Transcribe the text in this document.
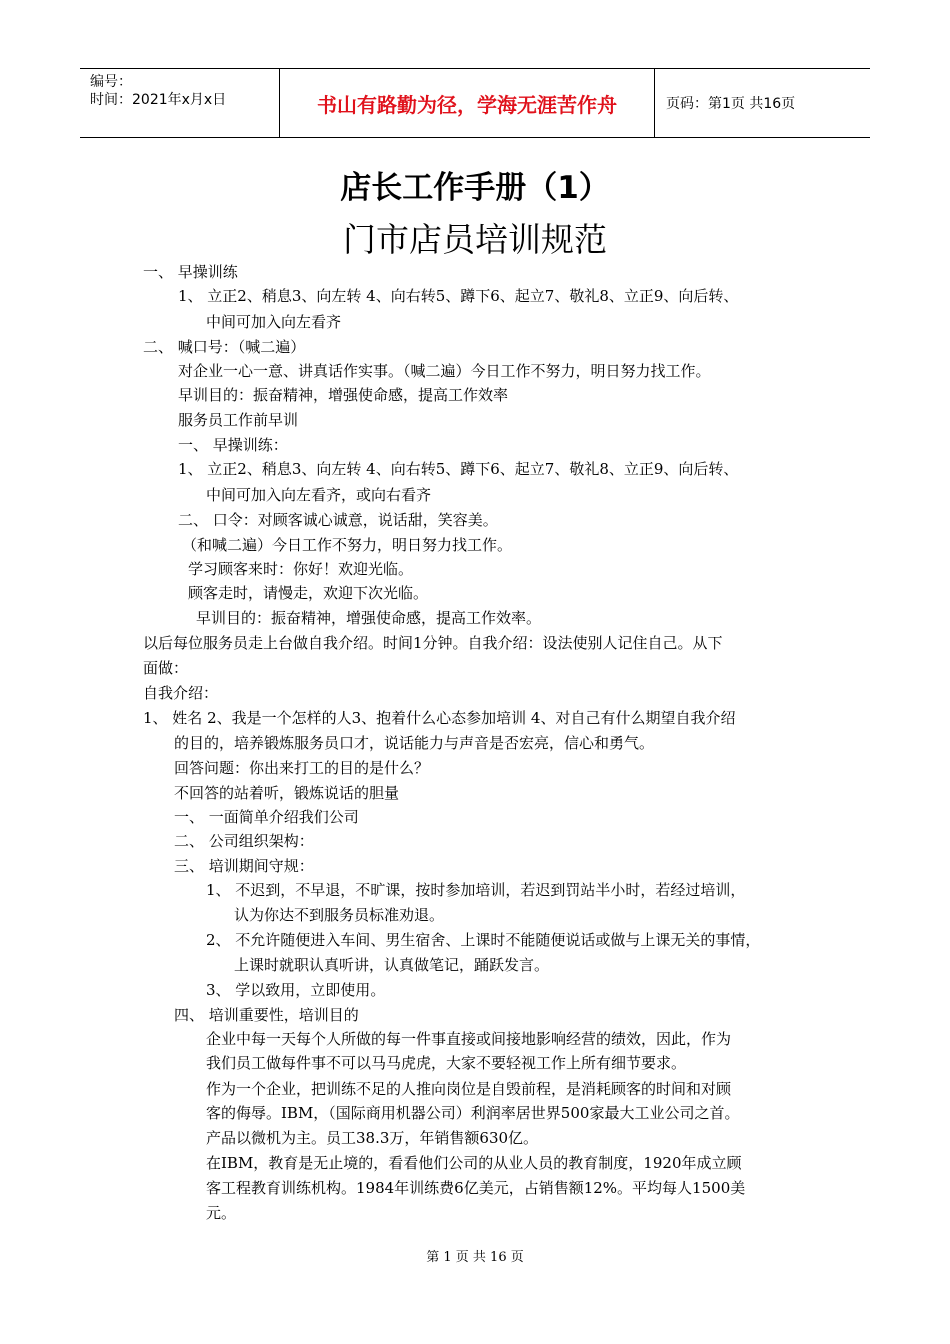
编号：
时间：2021年x月x日	书山有路勤为径，学海无涯苦作舟	页码：第1页 共16页
店长工作手册（1）
门市店员培训规范
一、 早操训练
1、 立正2、稍息3、向左转 4、向右转5、蹲下6、起立7、敬礼8、立正9、向后转、
中间可加入向左看齐
二、 喊口号：（喊二遍）
对企业一心一意、讲真话作实事。（喊二遍）今日工作不努力，明日努力找工作。
早训目的：振奋精神，增强使命感，提高工作效率
服务员工作前早训
一、 早操训练：
1、 立正2、稍息3、向左转 4、向右转5、蹲下6、起立7、敬礼8、立正9、向后转、
中间可加入向左看齐，或向右看齐
二、 口令：对顾客诚心诚意，说话甜，笑容美。
（和喊二遍）今日工作不努力，明日努力找工作。
学习顾客来时：你好！欢迎光临。
顾客走时，请慢走，欢迎下次光临。
早训目的：振奋精神，增强使命感，提高工作效率。
以后每位服务员走上台做自我介绍。时间1分钟。自我介绍：设法使别人记住自己。从下
面做：
自我介绍：
1、 姓名 2、我是一个怎样的人3、抱着什么心态参加培训 4、对自己有什么期望自我介绍
的目的，培养锻炼服务员口才，说话能力与声音是否宏亮，信心和勇气。
回答问题：你出来打工的目的是什么？
不回答的站着听，锻炼说话的胆量
一、 一面简单介绍我们公司
二、 公司组织架构：
三、 培训期间守规：
1、 不迟到，不早退，不旷课，按时参加培训，若迟到罚站半小时，若经过培训，
认为你达不到服务员标准劝退。
2、 不允许随便进入车间、男生宿舍、上课时不能随便说话或做与上课无关的事情，
上课时就职认真听讲，认真做笔记，踊跃发言。
3、 学以致用，立即使用。
四、 培训重要性，培训目的
企业中每一天每个人所做的每一件事直接或间接地影响经营的绩效，因此，作为
我们员工做每件事不可以马马虎虎，大家不要轻视工作上所有细节要求。
作为一个企业，把训练不足的人推向岗位是自毁前程，是消耗顾客的时间和对顾
客的侮辱。IBM，（国际商用机器公司）利润率居世界500家最大工业公司之首。
产品以微机为主。员工38.3万，年销售额630亿。
在IBM，教育是无止境的，看看他们公司的从业人员的教育制度，1920年成立顾
客工程教育训练机构。1984年训练费6亿美元，占销售额12%。平均每人1500美
元。
第 1 页 共 16 页
